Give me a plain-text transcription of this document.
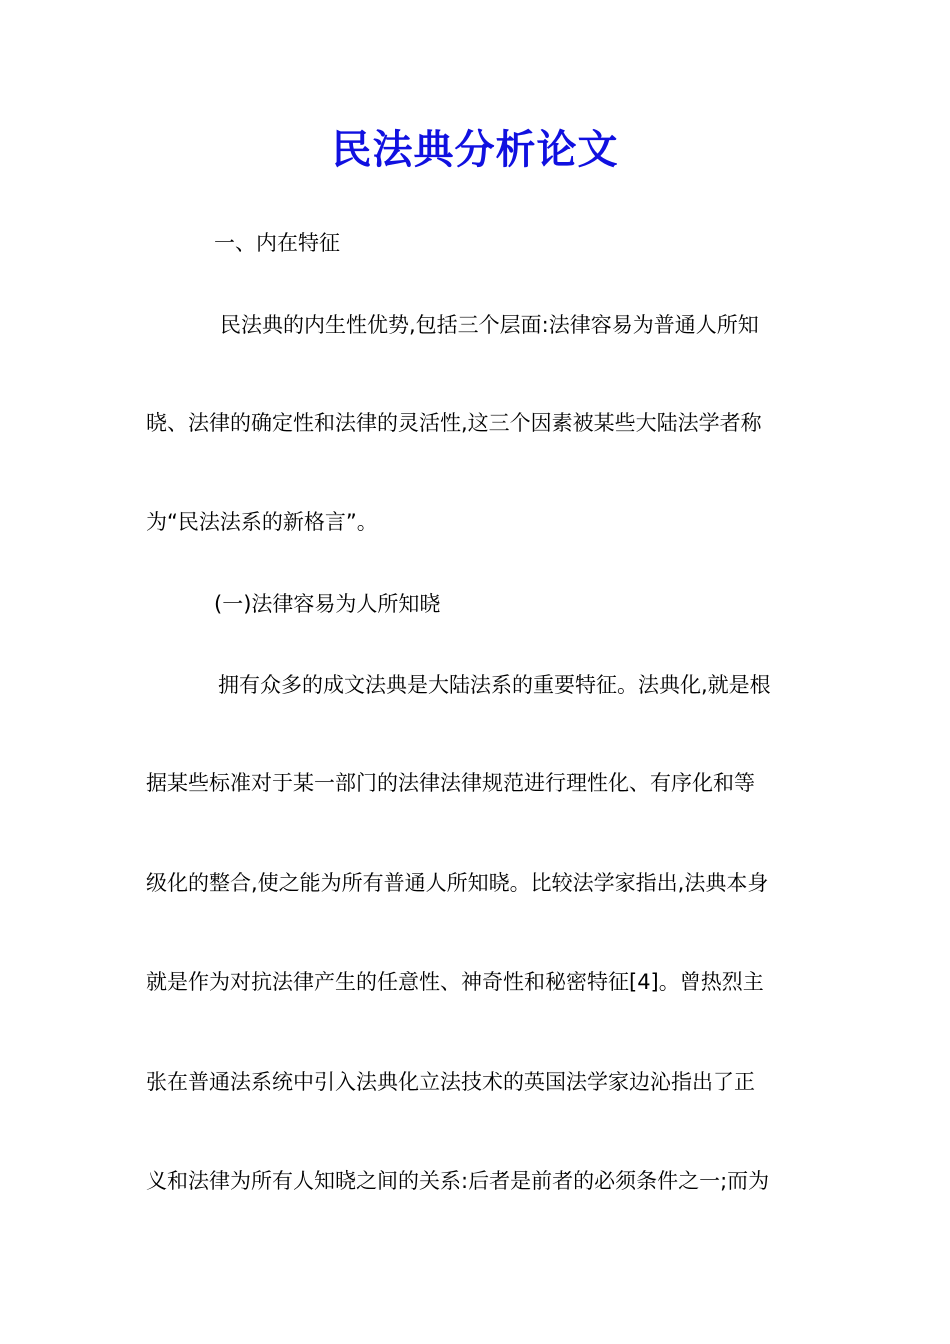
民法典分析论文
一、内在特征
民法典的内生性优势,包括三个层面:法律容易为普通人所知
晓、法律的确定性和法律的灵活性,这三个因素被某些大陆法学者称
为“民法法系的新格言”。
(一)法律容易为人所知晓
拥有众多的成文法典是大陆法系的重要特征。法典化,就是根
据某些标准对于某一部门的法律法律规范进行理性化、有序化和等
级化的整合,使之能为所有普通人所知晓。比较法学家指出,法典本身
就是作为对抗法律产生的任意性、神奇性和秘密特征[4]。曾热烈主
张在普通法系统中引入法典化立法技术的英国法学家边沁指出了正
义和法律为所有人知晓之间的关系:后者是前者的必须条件之一;而为
